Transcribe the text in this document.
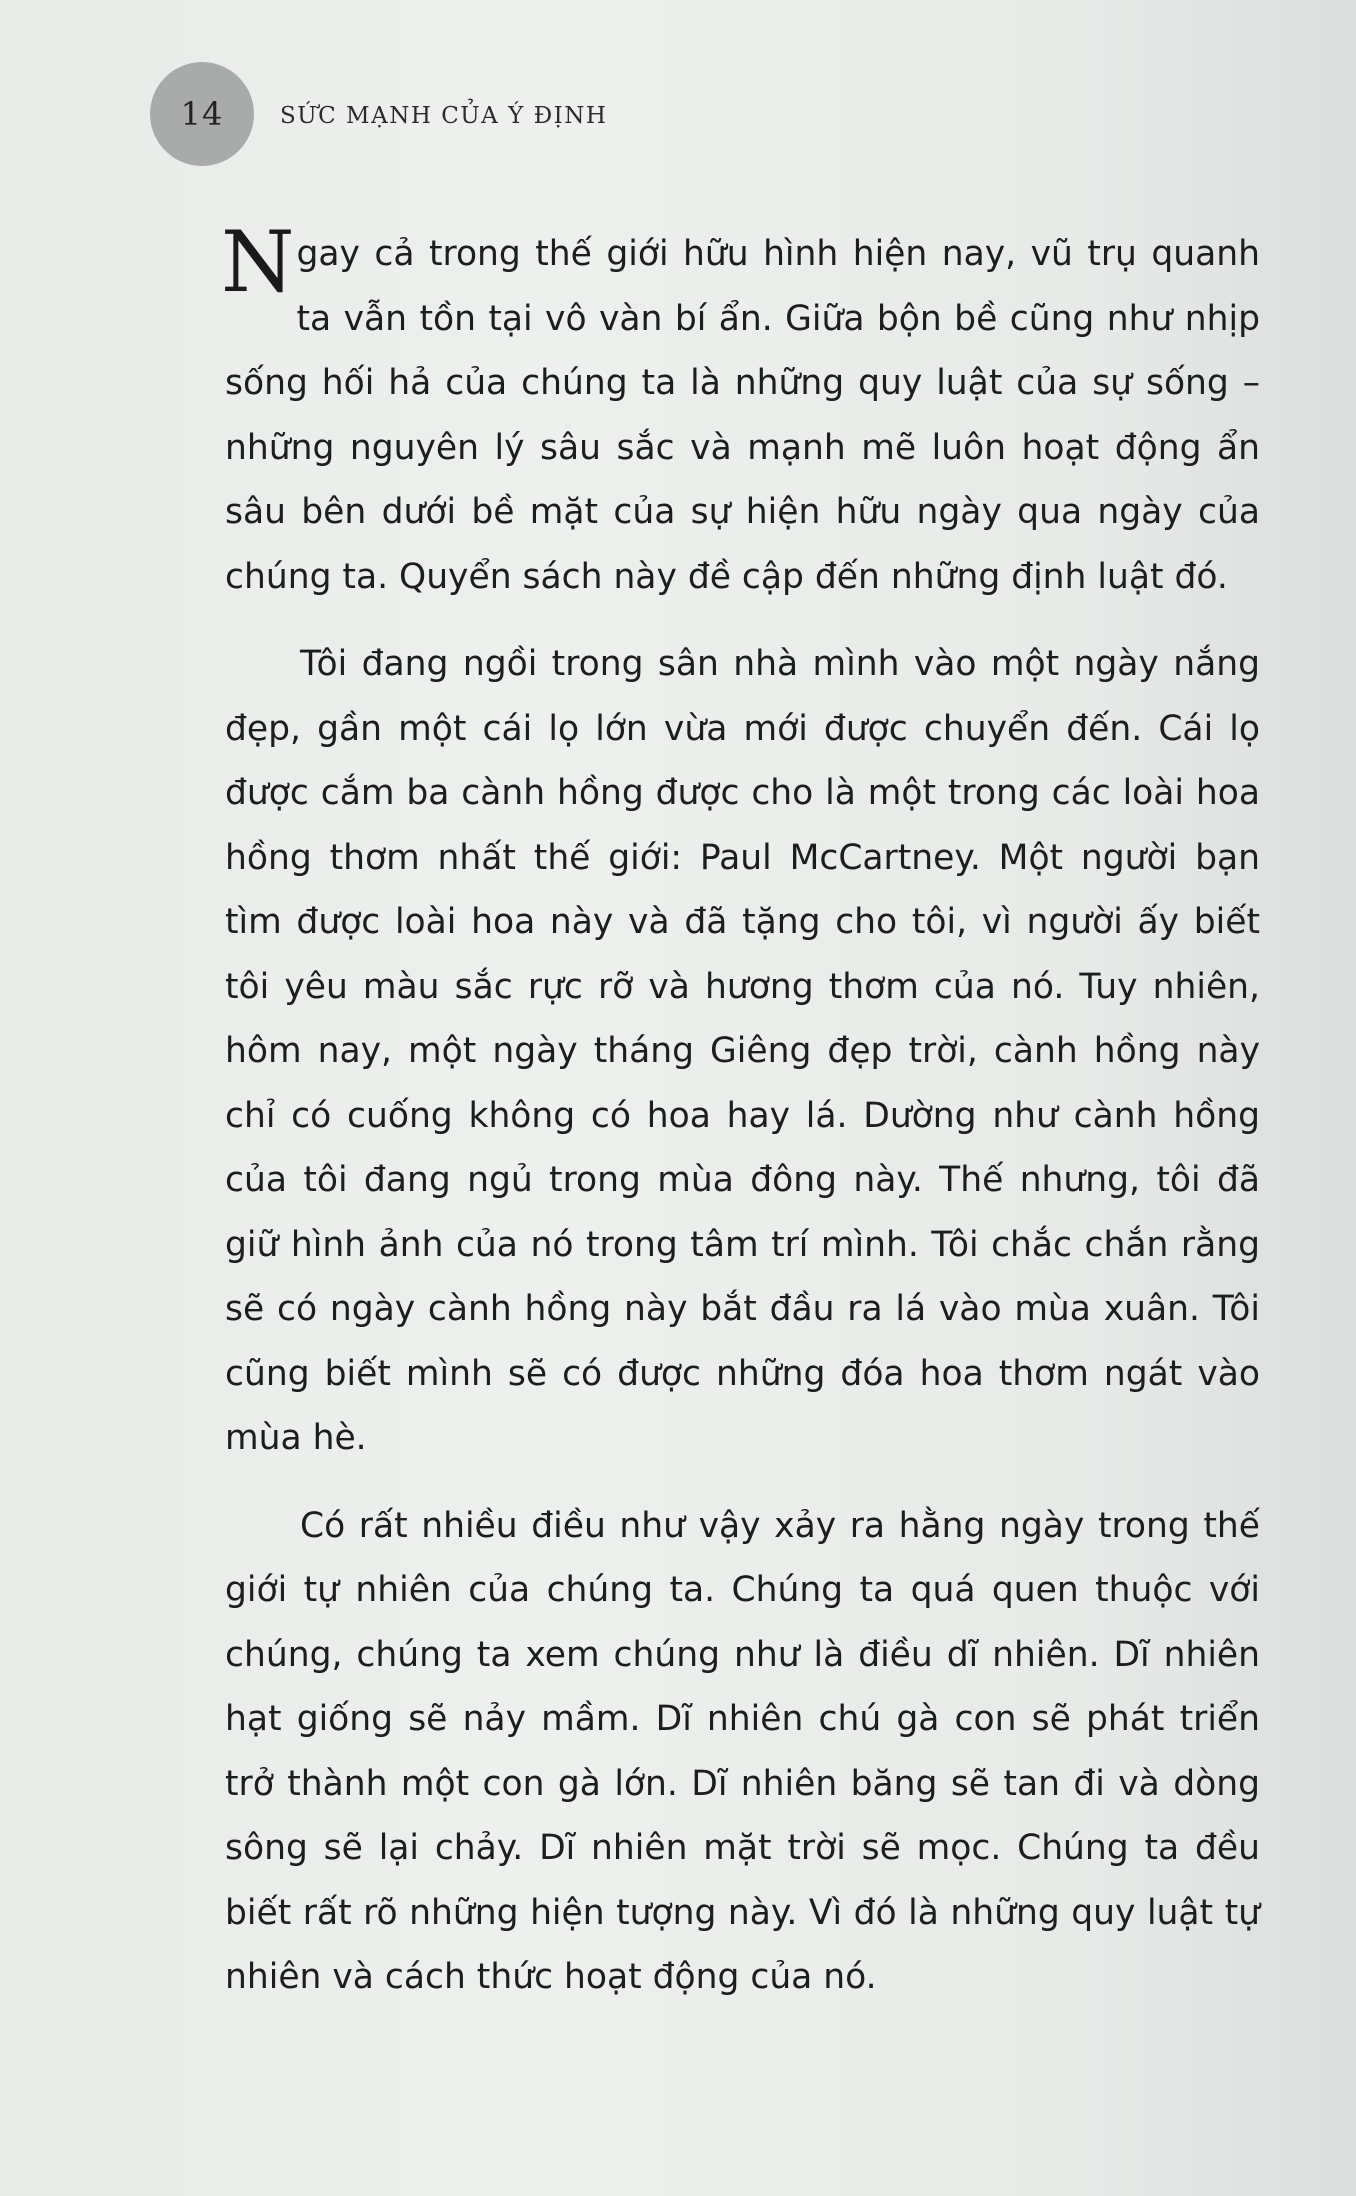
14 SỨC MẠNH CỦA Ý ĐỊNH

Ngay cả trong thế giới hữu hình hiện nay, vũ trụ quanh ta vẫn tồn tại vô vàn bí ẩn. Giữa bộn bề cũng như nhịp sống hối hả của chúng ta là những quy luật của sự sống – những nguyên lý sâu sắc và mạnh mẽ luôn hoạt động ẩn sâu bên dưới bề mặt của sự hiện hữu ngày qua ngày của chúng ta. Quyển sách này đề cập đến những định luật đó.

Tôi đang ngồi trong sân nhà mình vào một ngày nắng đẹp, gần một cái lọ lớn vừa mới được chuyển đến. Cái lọ được cắm ba cành hồng được cho là một trong các loài hoa hồng thơm nhất thế giới: Paul McCartney. Một người bạn tìm được loài hoa này và đã tặng cho tôi, vì người ấy biết tôi yêu màu sắc rực rỡ và hương thơm của nó. Tuy nhiên, hôm nay, một ngày tháng Giêng đẹp trời, cành hồng này chỉ có cuống không có hoa hay lá. Dường như cành hồng của tôi đang ngủ trong mùa đông này. Thế nhưng, tôi đã giữ hình ảnh của nó trong tâm trí mình. Tôi chắc chắn rằng sẽ có ngày cành hồng này bắt đầu ra lá vào mùa xuân. Tôi cũng biết mình sẽ có được những đóa hoa thơm ngát vào mùa hè.

Có rất nhiều điều như vậy xảy ra hằng ngày trong thế giới tự nhiên của chúng ta. Chúng ta quá quen thuộc với chúng, chúng ta xem chúng như là điều dĩ nhiên. Dĩ nhiên hạt giống sẽ nảy mầm. Dĩ nhiên chú gà con sẽ phát triển trở thành một con gà lớn. Dĩ nhiên băng sẽ tan đi và dòng sông sẽ lại chảy. Dĩ nhiên mặt trời sẽ mọc. Chúng ta đều biết rất rõ những hiện tượng này. Vì đó là những quy luật tự nhiên và cách thức hoạt động của nó.
